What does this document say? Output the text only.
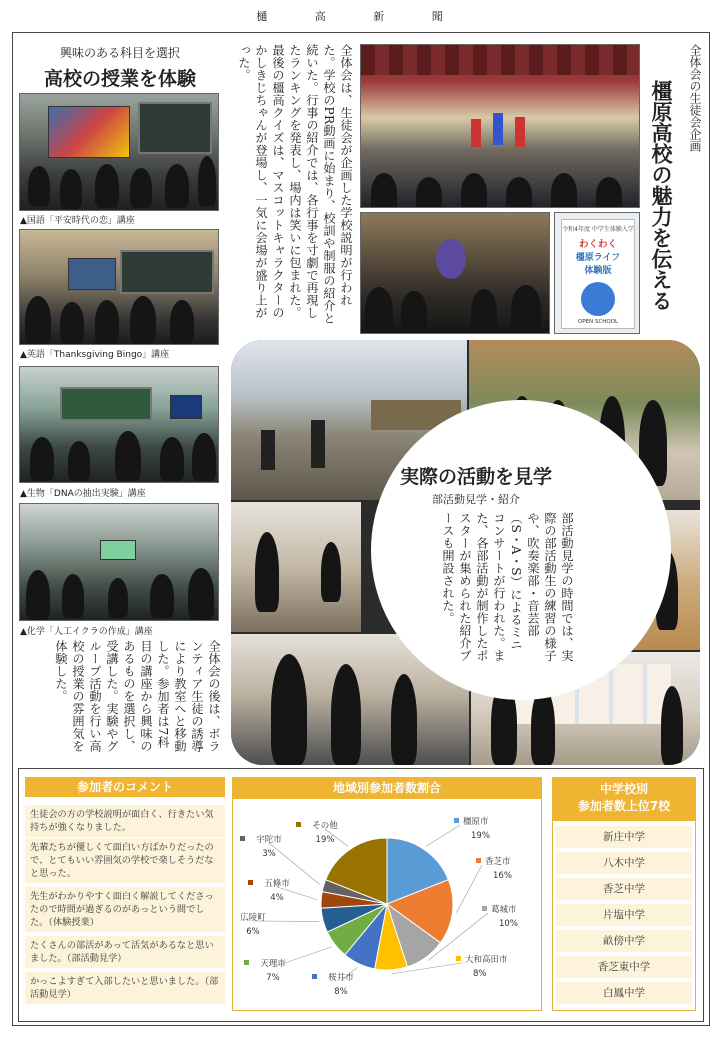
樋 高 新 聞
興味のある科目を選択
高校の授業を体験
▲国語「平安時代の恋」講座
▲英語「Thanksgiving Bingo」講座
▲生物「DNAの抽出実験」講座
▲化学「人工イクラの作成」講座
全体会の後は、ボランティア生徒の誘導により教室へと移動した。参加者は7科目の講座から興味のあるものを選択し、受講した。実験やグループ活動を行い高校の授業の雰囲気を体験した。
全体会は、生徒会が企画した学校説明が行われた。学校のPR動画に始まり、校訓や制服の紹介と続いた。行事の紹介では、各行事を寸劇で再現したランキングを発表し、場内は笑いに包まれた。最後の橿高クイズは、マスコットキャラクターのかしきじちゃんが登場し、一気に会場が盛り上がった。
令和4年度 中学生体験入学
わくわく
橿原ライフ
体験版
OPEN SCHOOL
全体会の生徒会企画
橿原高校の魅力を伝える
実際の活動を見学
部活動見学・紹介
部活動見学の時間では、実際の部活動生の練習の様子や、吹奏楽部・音芸部（S・A・S）によるミニコンサートが行われた。また、各部活動が制作したポスターが集められた紹介ブースも開設された。
参加者のコメント
生徒会の方の学校説明が面白く、行きたい気持ちが強くなりました。
先輩たちが優しくて面白い方ばかりだったので、とてもいい雰囲気の学校で楽しそうだなと思った。
先生がわかりやすく面白く解説してくださったので時間が過ぎるのがあっという間でした。（体験授業）
たくさんの部活があって活気があるなと思いました。（部活動見学）
かっこよすぎて入部したいと思いました。（部活動見学）
地域別参加者数割合
橿原市
19%
香芝市
16%
葛城市
10%
大和高田市
8%
桜井市
8%
天理市
7%
広陵町
6%
五條市
4%
宇陀市
3%
その他
19%
中学校別
参加者数上位7校
新庄中学
八木中学
香芝中学
片塩中学
畝傍中学
香芝東中学
白鳳中学
